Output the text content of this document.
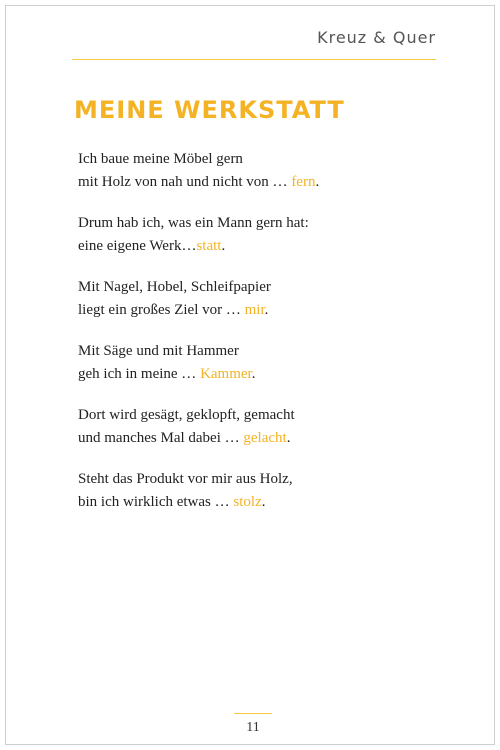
Kreuz & Quer
MEINE WERKSTATT
Ich baue meine Möbel gern
mit Holz von nah und nicht von … fern.
Drum hab ich, was ein Mann gern hat:
eine eigene Werk…statt.
Mit Nagel, Hobel, Schleifpapier
liegt ein großes Ziel vor … mir.
Mit Säge und mit Hammer
geh ich in meine … Kammer.
Dort wird gesägt, geklopft, gemacht
und manches Mal dabei … gelacht.
Steht das Produkt vor mir aus Holz,
bin ich wirklich etwas … stolz.
11
